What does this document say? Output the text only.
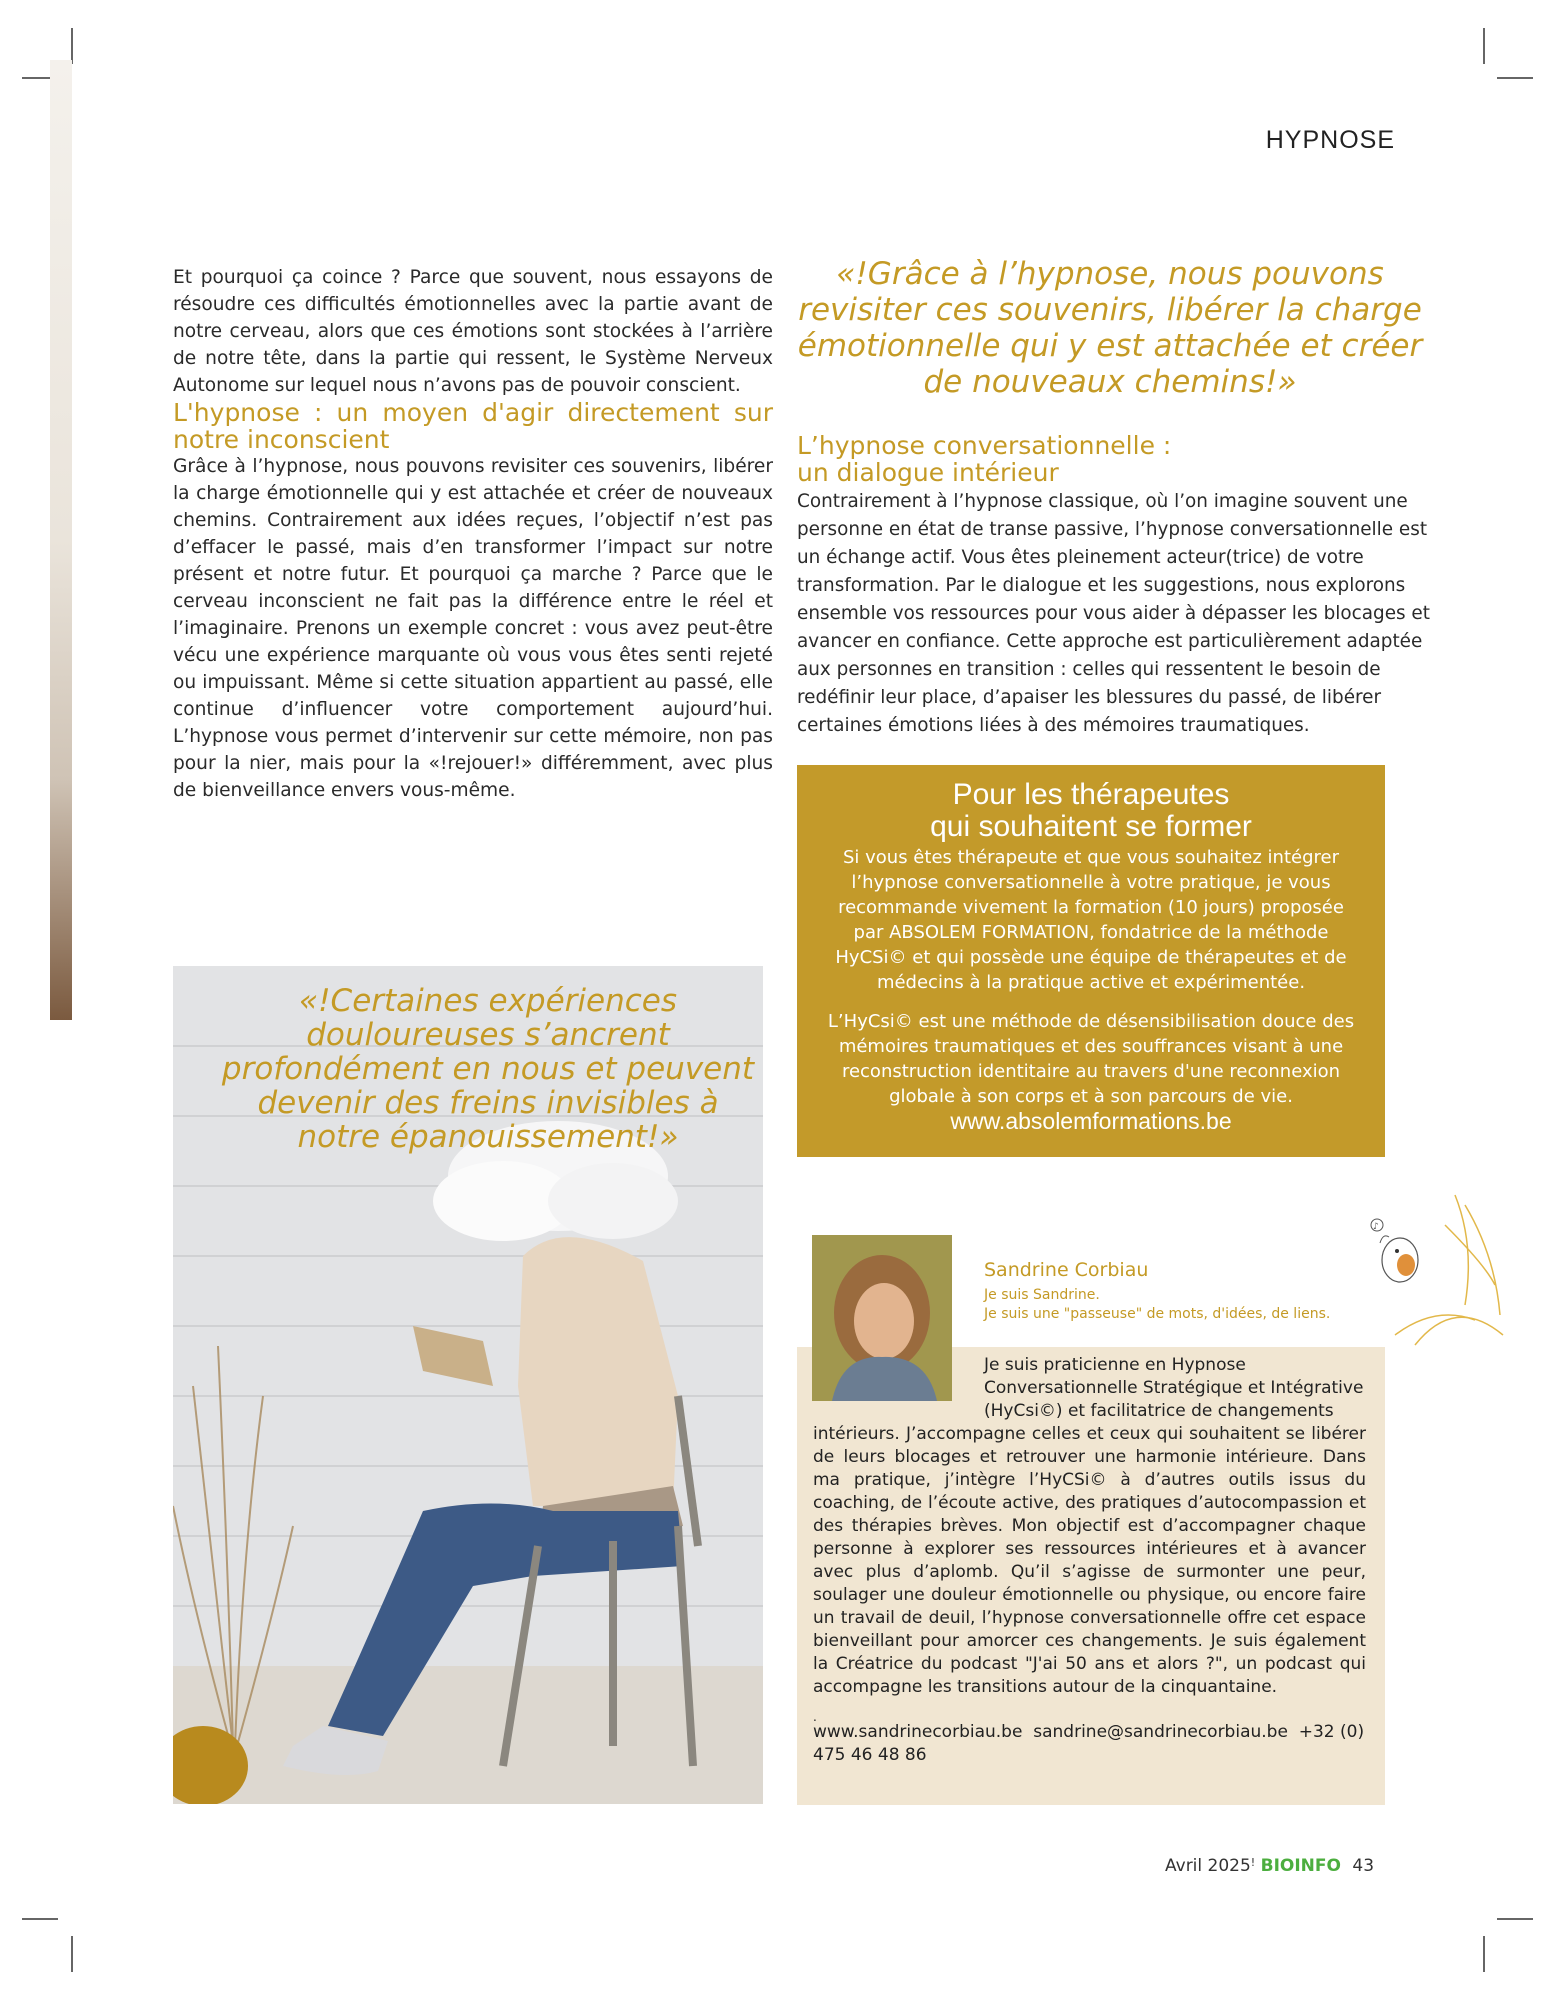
HYPNOSE

Et pourquoi ça coince ? Parce que souvent, nous essayons de résoudre ces difficultés émotionnelles avec la partie avant de notre cerveau, alors que ces émotions sont stockées à l’arrière de notre tête, dans la partie qui ressent, le Système Nerveux Autonome sur lequel nous n’avons pas de pouvoir conscient.

L'hypnose : un moyen d'agir directement sur notre inconscient

Grâce à l’hypnose, nous pouvons revisiter ces souvenirs, libérer la charge émotionnelle qui y est attachée et créer de nouveaux chemins. Contrairement aux idées reçues, l’objectif n’est pas d’effacer le passé, mais d’en transformer l’impact sur notre présent et notre futur. Et pourquoi ça marche ? Parce que le cerveau inconscient ne fait pas la différence entre le réel et l’imaginaire. Prenons un exemple concret : vous avez peut-être vécu une expérience marquante où vous vous êtes senti rejeté ou impuissant. Même si cette situation appartient au passé, elle continue d’influencer votre comportement aujourd’hui. L’hypnose vous permet d’intervenir sur cette mémoire, non pas pour la nier, mais pour la «!rejouer!» différemment, avec plus de bienveillance envers vous-même.

«!Grâce à l’hypnose, nous pouvons revisiter ces souvenirs, libérer la charge émotionnelle qui y est attachée et créer de nouveaux chemins!»

L’hypnose conversationnelle :
un dialogue intérieur

Contrairement à l’hypnose classique, où l’on imagine souvent une personne en état de transe passive, l’hypnose conversationnelle est un échange actif. Vous êtes pleinement acteur(trice) de votre transformation. Par le dialogue et les suggestions, nous explorons ensemble vos ressources pour vous aider à dépasser les blocages et avancer en confiance. Cette approche est particulièrement adaptée aux personnes en transition : celles qui ressentent le besoin de redéfinir leur place, d’apaiser les blessures du passé, de libérer certaines émotions liées à des mémoires traumatiques.

«!Certaines expériences douloureuses s’ancrent profondément en nous et peuvent devenir des freins invisibles à notre épanouissement!»

Pour les thérapeutes
qui souhaitent se former

Si vous êtes thérapeute et que vous souhaitez intégrer l’hypnose conversationnelle à votre pratique, je vous recommande vivement la formation (10 jours) proposée par ABSOLEM FORMATION, fondatrice de la méthode HyCSi© et qui possède une équipe de thérapeutes et de médecins à la pratique active et expérimentée.

L’HyCsi© est une méthode de désensibilisation douce des mémoires traumatiques et des souffrances visant à une reconstruction identitaire au travers d'une reconnexion globale à son corps et à son parcours de vie.

www.absolemformations.be

♪

Sandrine Corbiau

Je suis Sandrine.

Je suis une "passeuse" de mots, d'idées, de liens.

Je suis praticienne en Hypnose Conversationnelle Stratégique et Intégrative (HyCsi©) et facilitatrice de changements

intérieurs. J’accompagne celles et ceux qui souhaitent se libérer de leurs blocages et retrouver une harmonie intérieure. Dans ma pratique, j’intègre l’HyCSi© à d’autres outils issus du coaching, de l’écoute active, des pratiques d’autocompassion et des thérapies brèves. Mon objectif est d’accompagner chaque personne à explorer ses ressources intérieures et à avancer avec plus d’aplomb. Qu’il s’agisse de surmonter une peur, soulager une douleur émotionnelle ou physique, ou encore faire un travail de deuil, l’hypnose conversationnelle offre cet espace bienveillant pour amorcer ces changements. Je suis également la Créatrice du podcast "J'ai 50 ans et alors ?", un podcast qui accompagne les transitions autour de la cinquantaine.

.
www.sandrinecorbiau.be sandrine@sandrinecorbiau.be +32 (0) 475 46 48 86

Avril 2025! BIOINFO 43
